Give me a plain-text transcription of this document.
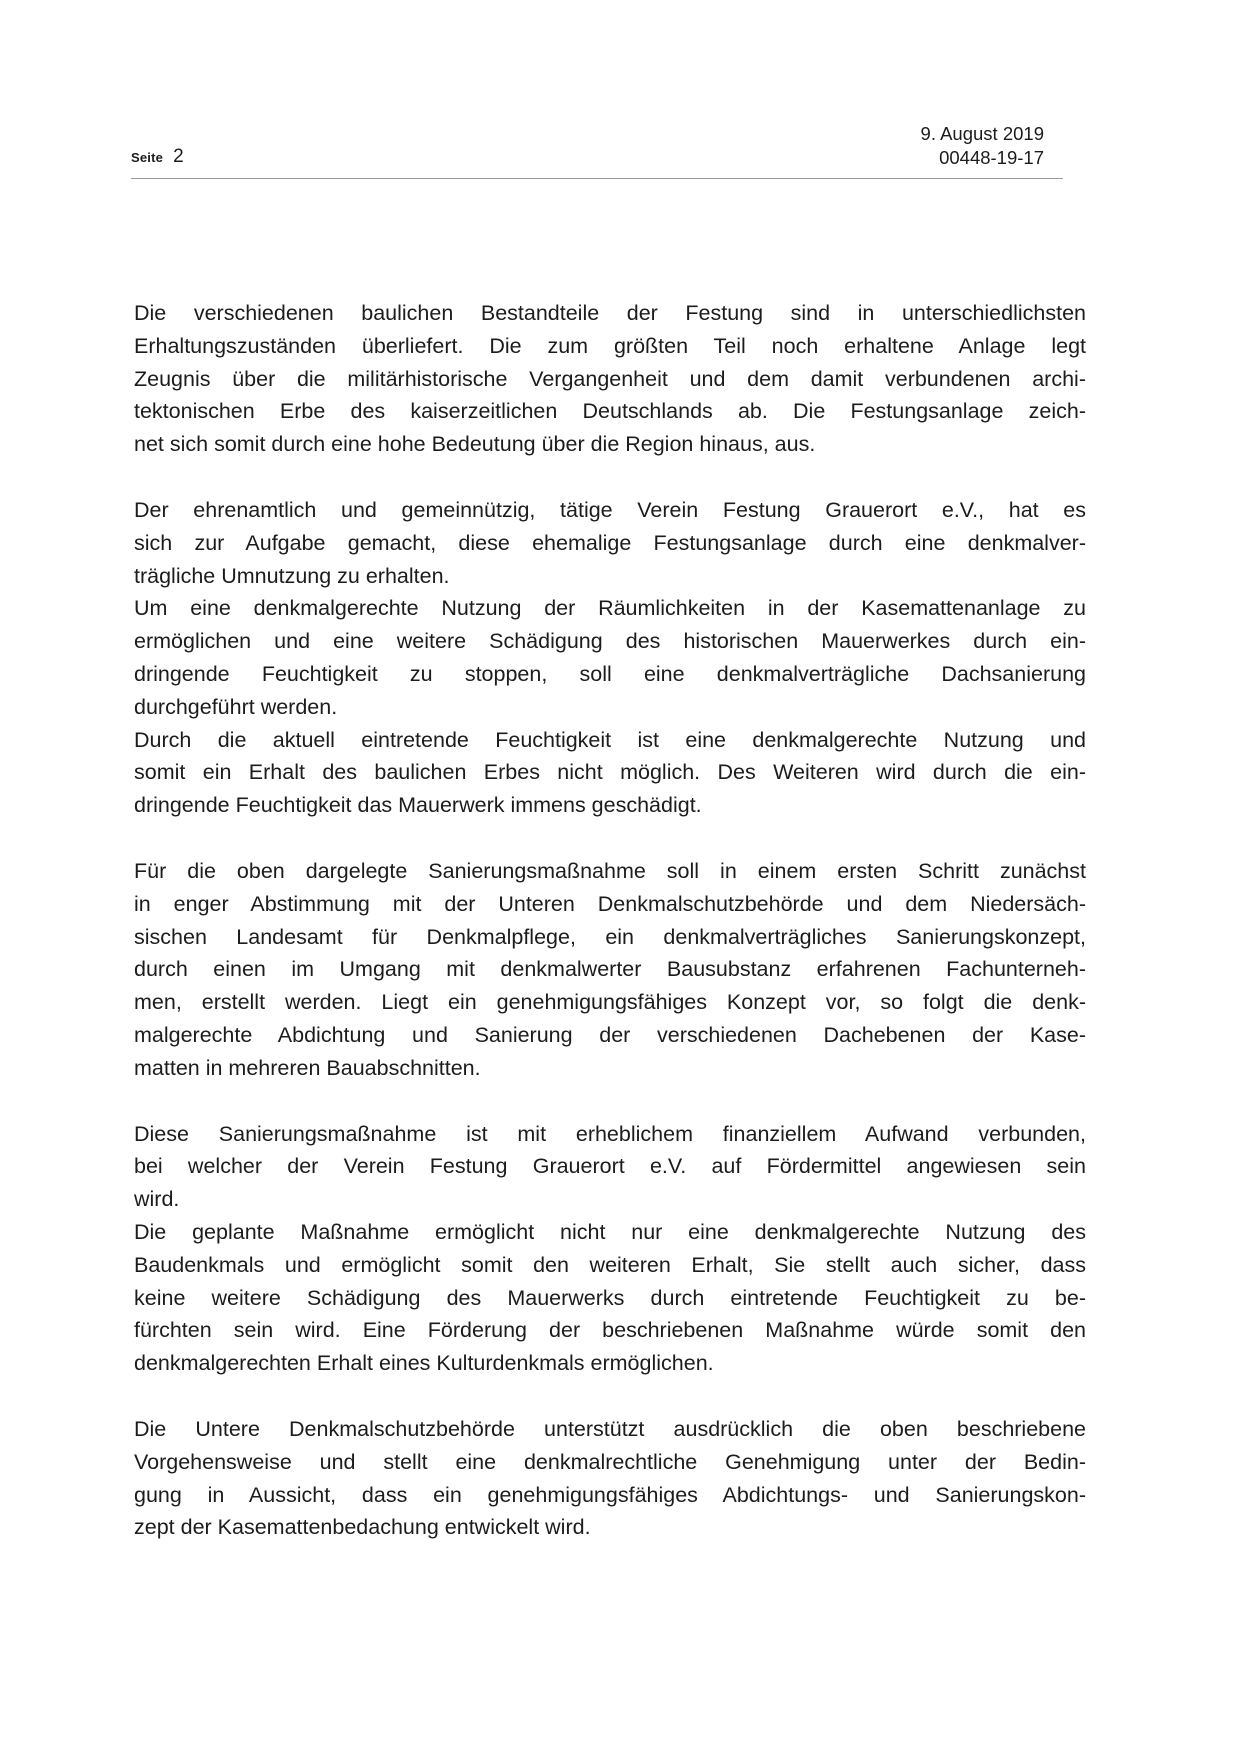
Seite 2
9. August 2019
00448-19-17
Die verschiedenen baulichen Bestandteile der Festung sind in unterschiedlichsten
Erhaltungszuständen überliefert. Die zum größten Teil noch erhaltene Anlage legt
Zeugnis über die militärhistorische Vergangenheit und dem damit verbundenen archi-
tektonischen Erbe des kaiserzeitlichen Deutschlands ab. Die Festungsanlage zeich-
net sich somit durch eine hohe Bedeutung über die Region hinaus, aus.
Der ehrenamtlich und gemeinnützig, tätige Verein Festung Grauerort e.V., hat es
sich zur Aufgabe gemacht, diese ehemalige Festungsanlage durch eine denkmalver-
trägliche Umnutzung zu erhalten.
Um eine denkmalgerechte Nutzung der Räumlichkeiten in der Kasemattenanlage zu
ermöglichen und eine weitere Schädigung des historischen Mauerwerkes durch ein-
dringende Feuchtigkeit zu stoppen, soll eine denkmalverträgliche Dachsanierung
durchgeführt werden.
Durch die aktuell eintretende Feuchtigkeit ist eine denkmalgerechte Nutzung und
somit ein Erhalt des baulichen Erbes nicht möglich. Des Weiteren wird durch die ein-
dringende Feuchtigkeit das Mauerwerk immens geschädigt.
Für die oben dargelegte Sanierungsmaßnahme soll in einem ersten Schritt zunächst
in enger Abstimmung mit der Unteren Denkmalschutzbehörde und dem Niedersäch-
sischen Landesamt für Denkmalpflege, ein denkmalverträgliches Sanierungskonzept,
durch einen im Umgang mit denkmalwerter Bausubstanz erfahrenen Fachunterneh-
men, erstellt werden. Liegt ein genehmigungsfähiges Konzept vor, so folgt die denk-
malgerechte Abdichtung und Sanierung der verschiedenen Dachebenen der Kase-
matten in mehreren Bauabschnitten.
Diese Sanierungsmaßnahme ist mit erheblichem finanziellem Aufwand verbunden,
bei welcher der Verein Festung Grauerort e.V. auf Fördermittel angewiesen sein
wird.
Die geplante Maßnahme ermöglicht nicht nur eine denkmalgerechte Nutzung des
Baudenkmals und ermöglicht somit den weiteren Erhalt, Sie stellt auch sicher, dass
keine weitere Schädigung des Mauerwerks durch eintretende Feuchtigkeit zu be-
fürchten sein wird. Eine Förderung der beschriebenen Maßnahme würde somit den
denkmalgerechten Erhalt eines Kulturdenkmals ermöglichen.
Die Untere Denkmalschutzbehörde unterstützt ausdrücklich die oben beschriebene
Vorgehensweise und stellt eine denkmalrechtliche Genehmigung unter der Bedin-
gung in Aussicht, dass ein genehmigungsfähiges Abdichtungs- und Sanierungskon-
zept der Kasemattenbedachung entwickelt wird.
